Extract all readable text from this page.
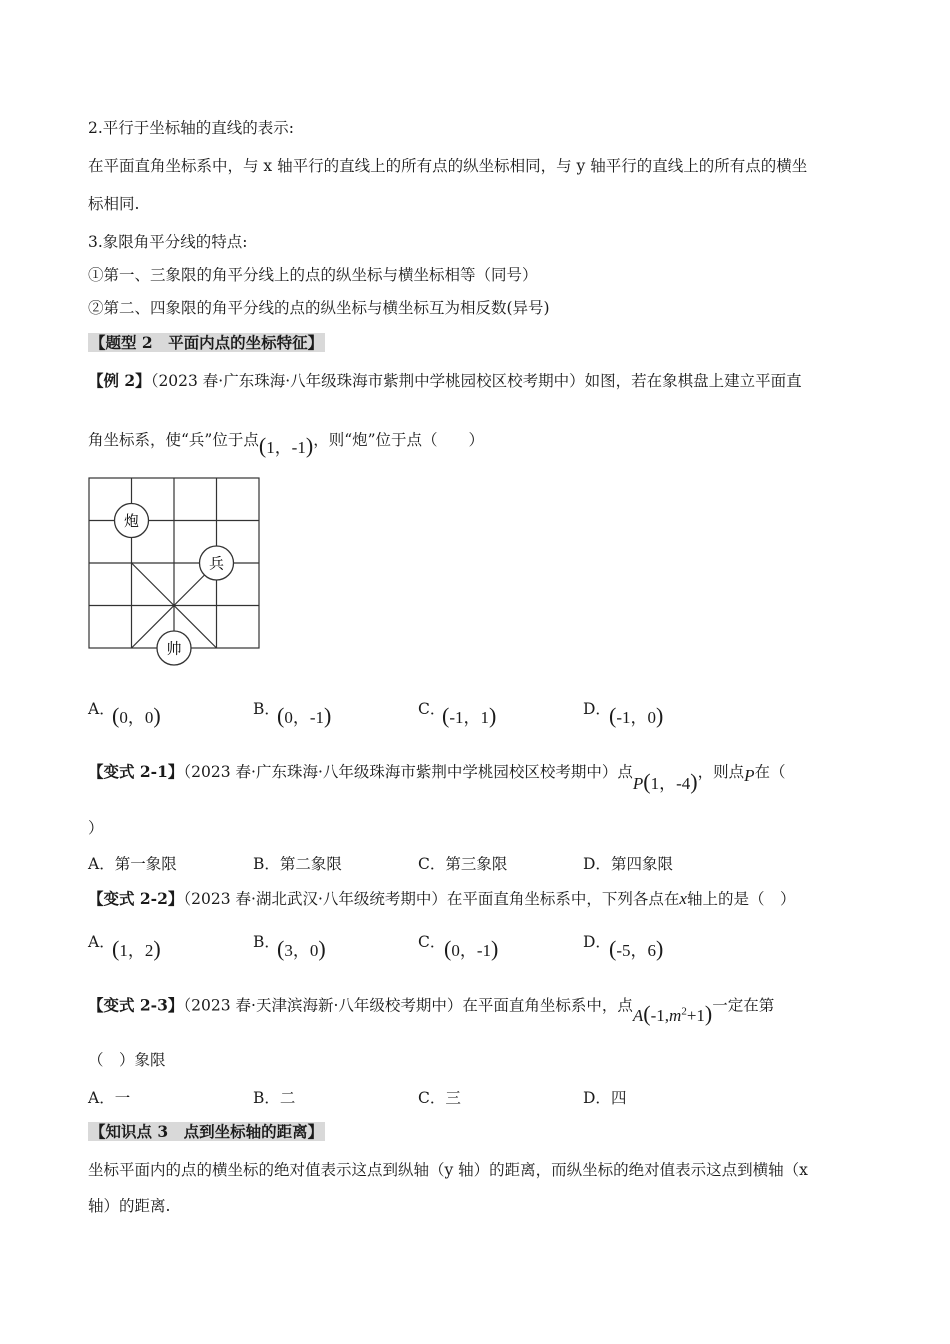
2.平行于坐标轴的直线的表示:
在平面直角坐标系中，与 x 轴平行的直线上的所有点的纵坐标相同，与 y 轴平行的直线上的所有点的横坐
标相同.
3.象限角平分线的特点:
①第一、三象限的角平分线上的点的纵坐标与横坐标相等（同号）
②第二、四象限的角平分线的点的纵坐标与横坐标互为相反数(异号)
【题型 2　平面内点的坐标特征】
【例 2】（2023 春·广东珠海·八年级珠海市紫荆中学桃园校区校考期中）如图，若在象棋盘上建立平面直
角坐标系，使“兵”位于点(1，-1)，则“炮”位于点（　　）
炮
兵
帅
A．
(0，0)	B．
(0，-1)	C．
(-1，1)	D．
(-1，0)
【变式 2-1】（2023 春·广东珠海·八年级珠海市紫荆中学桃园校区校考期中）点P(1，-4)，则点P在（
）
A．第一象限	B．第二象限	C．第三象限	D．第四象限
【变式 2-2】（2023 春·湖北武汉·八年级统考期中）在平面直角坐标系中，下列各点在x轴上的是（　）
A．
(1，2)	B．
(3，0)	C．
(0，-1)	D．
(-5，6)
【变式 2-3】（2023 春·天津滨海新·八年级校考期中）在平面直角坐标系中，点$A(-1,m^2+1)$一定在第
（　）象限
A．一	B．二	C．三	D．四
【知识点 3　点到坐标轴的距离】
坐标平面内的点的横坐标的绝对值表示这点到纵轴（y 轴）的距离，而纵坐标的绝对值表示这点到横轴（x
轴）的距离.
